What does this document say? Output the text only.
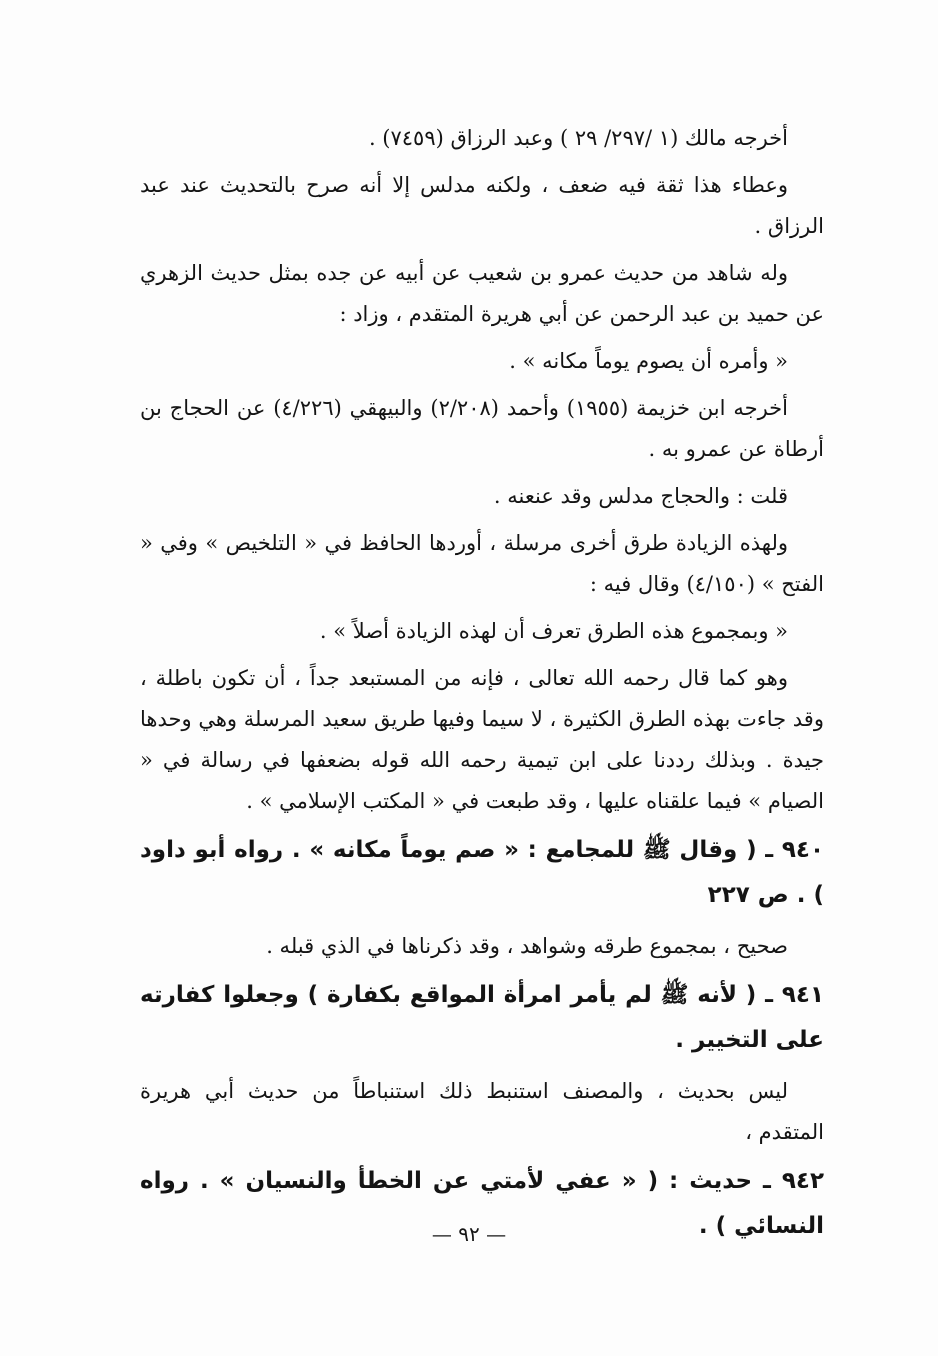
أخرجه مالك (١ /٢٩٧/ ٢٩ ) وعبد الرزاق (٧٤٥٩) .

وعطاء هذا ثقة فيه ضعف ، ولكنه مدلس إلا أنه صرح بالتحديث عند عبد الرزاق .

وله شاهد من حديث عمرو بن شعيب عن أبيه عن جده بمثل حديث الزهري عن حميد بن عبد الرحمن عن أبي هريرة المتقدم ، وزاد :

« وأمره أن يصوم يوماً مكانه » .

أخرجه ابن خزيمة (١٩٥٥) وأحمد (٢/٢٠٨) والبيهقي (٤/٢٢٦) عن الحجاج بن أرطاة عن عمرو به .

قلت : والحجاج مدلس وقد عنعنه .

ولهذه الزيادة طرق أخرى مرسلة ، أوردها الحافظ في « التلخيص » وفي « الفتح » (٤/١٥٠) وقال فيه :

« وبمجموع هذه الطرق تعرف أن لهذه الزيادة أصلاً » .

وهو كما قال رحمه الله تعالى ، فإنه من المستبعد جداً ، أن تكون باطلة ، وقد جاءت بهذه الطرق الكثيرة ، لا سيما وفيها طريق سعيد المرسلة وهي وحدها جيدة . وبذلك رددنا على ابن تيمية رحمه الله قوله بضعفها في رسالة في « الصيام » فيما علقناه عليها ، وقد طبعت في « المكتب الإسلامي » .

٩٤٠ ـ ( وقال ﷺ للمجامع : « صم يوماً مكانه » . رواه أبو داود ) . ص ٢٢٧

صحيح ، بمجموع طرقه وشواهد ، وقد ذكرناها في الذي قبله .

٩٤١ ـ ( لأنه ﷺ لم يأمر امرأة المواقع بكفارة ) وجعلوا كفارته على التخيير .

ليس بحديث ، والمصنف استنبط ذلك استنباطاً من حديث أبي هريرة المتقدم ،

٩٤٢ ـ حديث : ( « عفي لأمتي عن الخطأ والنسيان » . رواه النسائي ) .

— ٩٢ —
